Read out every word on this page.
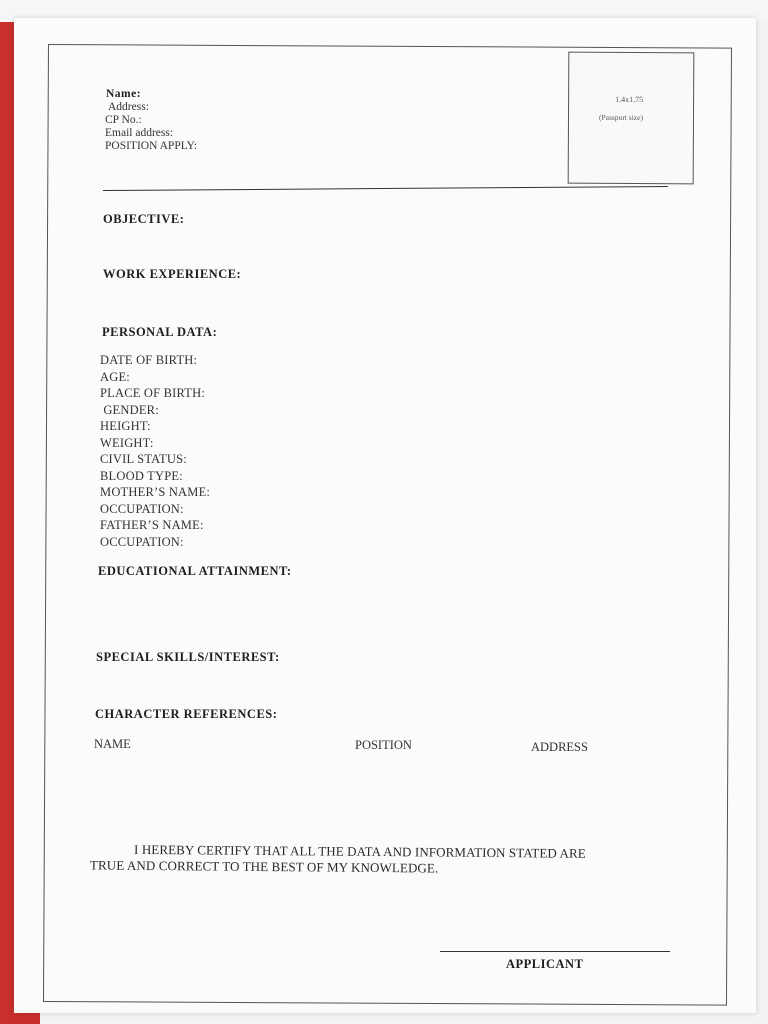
Name:
Address:
CP No.:
Email address:
POSITION APPLY:
1.4x1.75
(Passport size)
OBJECTIVE:
WORK EXPERIENCE:
PERSONAL DATA:
DATE OF BIRTH:
AGE:
PLACE OF BIRTH:
GENDER:
HEIGHT:
WEIGHT:
CIVIL STATUS:
BLOOD TYPE:
MOTHER’S NAME:
OCCUPATION:
FATHER’S NAME:
OCCUPATION:
EDUCATIONAL ATTAINMENT:
SPECIAL SKILLS/INTEREST:
CHARACTER REFERENCES:
NAME	POSITION	ADDRESS
I HEREBY CERTIFY THAT ALL THE DATA AND INFORMATION STATED ARE
TRUE AND CORRECT TO THE BEST OF MY KNOWLEDGE.
APPLICANT
